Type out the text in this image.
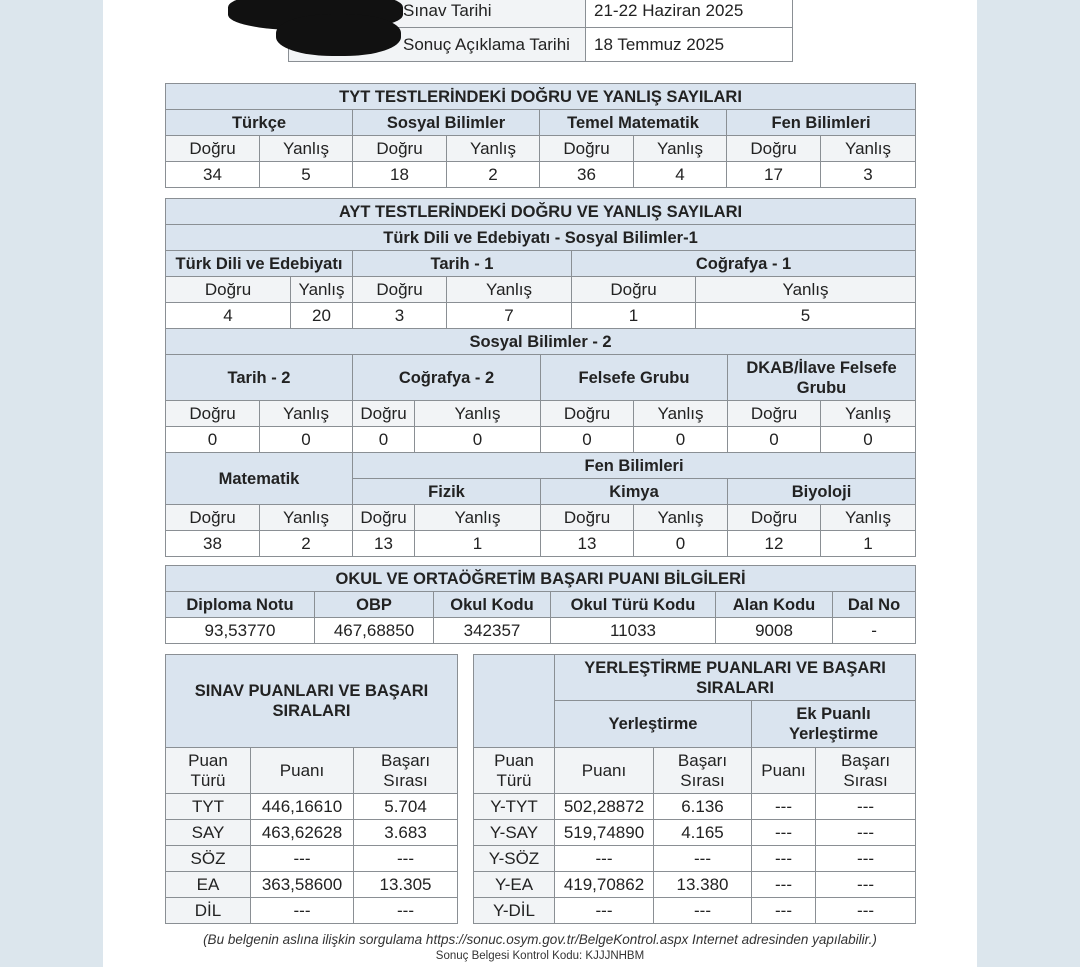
Sınav Tarihi	21-22 Haziran 2025
Sonuç Açıklama Tarihi	18 Temmuz 2025
TYT TESTLERİNDEKİ DOĞRU VE YANLIŞ SAYILARI							
Türkçe		Sosyal Bilimler		Temel Matematik		Fen Bilimleri	
Doğru	Yanlış	Doğru	Yanlış	Doğru	Yanlış	Doğru	Yanlış
34	5	18	2	36	4	17	3
AYT TESTLERİNDEKİ DOĞRU VE YANLIŞ SAYILARI											
Türk Dili ve Edebiyatı - Sosyal Bilimler-1											
Türk Dili ve Edebiyatı			Tarih - 1				Coğrafya - 1				
Doğru		Yanlış	Doğru		Yanlış		Doğru		Yanlış		
4		20	3		7		1		5		
Sosyal Bilimler - 2											
Tarih - 2			Coğrafya - 2			Felsefe Grubu				DKAB/İlave Felsefe Grubu	
Doğru	Yanlış		Doğru	Yanlış		Doğru		Yanlış		Doğru	Yanlış
0	0		0	0		0		0		0	0
Matematik			Fen Bilimleri								
			Fizik			Kimya				Biyoloji	
Doğru	Yanlış		Doğru	Yanlış		Doğru		Yanlış		Doğru	Yanlış
38	2		13	1		13		0		12	1
OKUL VE ORTAÖĞRETİM BAŞARI PUANI BİLGİLERİ					
Diploma Notu	OBP	Okul Kodu	Okul Türü Kodu	Alan Kodu	Dal No
93,53770	467,68850	342357	11033	9008	-
SINAV PUANLARI VE BAŞARI SIRALARI		
Puan Türü	Puanı	Başarı Sırası
TYT	446,16610	5.704
SAY	463,62628	3.683
SÖZ	---	---
EA	363,58600	13.305
DİL	---	---
	YERLEŞTİRME PUANLARI VE BAŞARI SIRALARI			
	Yerleştirme		Ek Puanlı Yerleştirme	
Puan Türü	Puanı	Başarı Sırası	Puanı	Başarı Sırası
Y-TYT	502,28872	6.136	---	---
Y-SAY	519,74890	4.165	---	---
Y-SÖZ	---	---	---	---
Y-EA	419,70862	13.380	---	---
Y-DİL	---	---	---	---
(Bu belgenin aslına ilişkin sorgulama https://sonuc.osym.gov.tr/BelgeKontrol.aspx Internet adresinden yapılabilir.)
Sonuç Belgesi Kontrol Kodu: KJJJNHBM
